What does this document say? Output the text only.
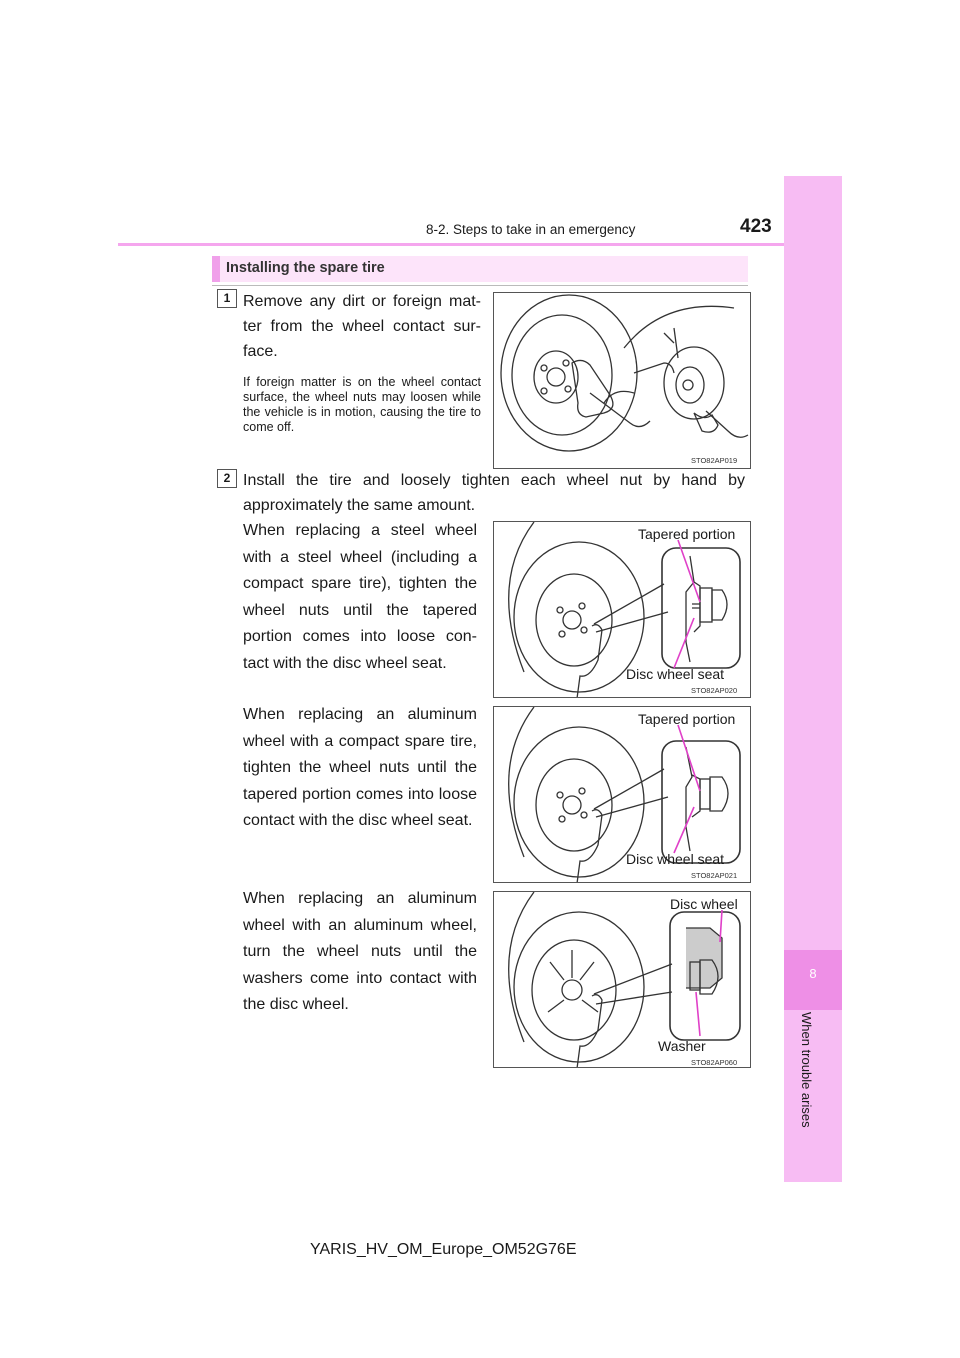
8-2. Steps to take in an emergency	423
8
When trouble arises
Installing the spare tire
1 Remove any dirt or foreign mat-ter from the wheel contact sur-face.
If foreign matter is on the wheel contact surface, the wheel nuts may loosen while the vehicle is in motion, causing the tire to come off.
STO82AP019
2 Install the tire and loosely tighten each wheel nut by hand by approximately the same amount.
When replacing a steel wheel with a steel wheel (including a compact spare tire), tighten the wheel nuts until the tapered portion comes into loose con-tact with the disc wheel seat.
Tapered portion
Disc wheel seat
STO82AP020
When replacing an aluminum wheel with a compact spare tire, tighten the wheel nuts until the tapered portion comes into loose contact with the disc wheel seat.
Tapered portion
Disc wheel seat
STO82AP021
When replacing an aluminum wheel with an aluminum wheel, turn the wheel nuts until the washers come into contact with the disc wheel.
Disc wheel
Washer
STO82AP060
YARIS_HV_OM_Europe_OM52G76E
